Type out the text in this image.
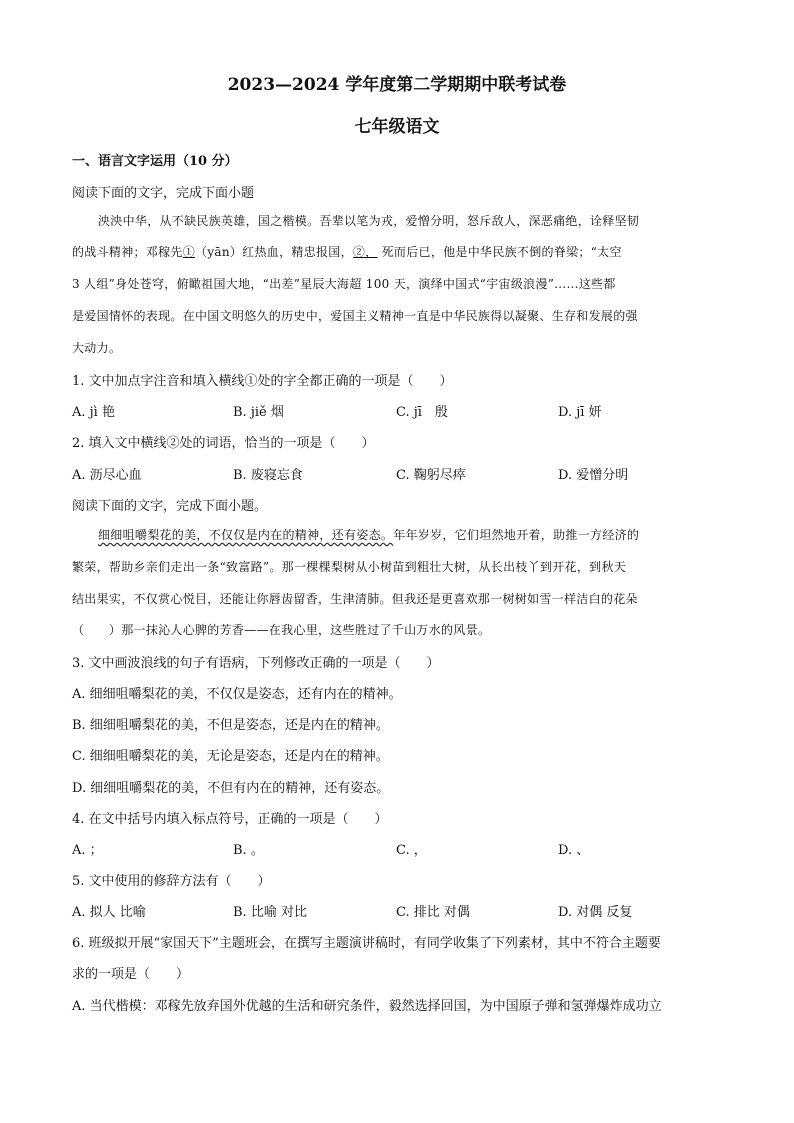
2023—2024 学年度第二学期期中联考试卷
七年级语文
一、语言文字运用（10 分）
阅读下面的文字，完成下面小题
泱泱中华，从不缺民族英雄，国之楷模。吾辈以笔为戎，爱憎分明，怒斥敌人，深恶痛绝，诠释坚韧
的战斗精神；邓稼先①（yān）红热血，精忠报国，②， 死而后已，他是中华民族不倒的脊梁；“太空
3 人组”身处苍穹，俯瞰祖国大地，“出差”星辰大海超 100 天，演绎中国式“宇宙级浪漫”……这些都
是爱国情怀的表现。在中国文明悠久的历史中，爱国主义精神一直是中华民族得以凝聚、生存和发展的强
大动力。
1. 文中加点字注音和填入横线①处的字全都正确的一项是（　　）
A. jì 艳	B. jiě 烟	C. jī　殷	D. jī 妍
2. 填入文中横线②处的词语，恰当的一项是（　　）
A. 沥尽心血	B. 废寝忘食	C. 鞠躬尽瘁	D. 爱憎分明
阅读下面的文字，完成下面小题。
细细咀嚼梨花的美，不仅仅是内在的精神，还有姿态。年年岁岁，它们坦然地开着，助推一方经济的
繁荣，帮助乡亲们走出一条“致富路”。那一棵棵梨树从小树苗到粗壮大树，从长出枝丫到开花，到秋天
结出果实，不仅赏心悦目，还能让你唇齿留香，生津清肺。但我还是更喜欢那一树树如雪一样洁白的花朵
（　　）那一抹沁人心脾的芳香——在我心里，这些胜过了千山万水的风景。
3. 文中画波浪线的句子有语病，下列修改正确的一项是（　　）
A. 细细咀嚼梨花的美，不仅仅是姿态，还有内在的精神。
B. 细细咀嚼梨花的美，不但是姿态，还是内在的精神。
C. 细细咀嚼梨花的美，无论是姿态，还是内在的精神。
D. 细细咀嚼梨花的美，不但有内在的精神，还有姿态。
4. 在文中括号内填入标点符号，正确的一项是（　　）
A. ；	B. 。	C. ，	D. 、
5. 文中使用的修辞方法有（　　）
A. 拟人 比喻	B. 比喻 对比	C. 排比 对偶	D. 对偶 反复
6. 班级拟开展“家国天下”主题班会，在撰写主题演讲稿时，有同学收集了下列素材，其中不符合主题要
求的一项是（　　）
A. 当代楷模：邓稼先放弃国外优越的生活和研究条件，毅然选择回国，为中国原子弹和氢弹爆炸成功立
